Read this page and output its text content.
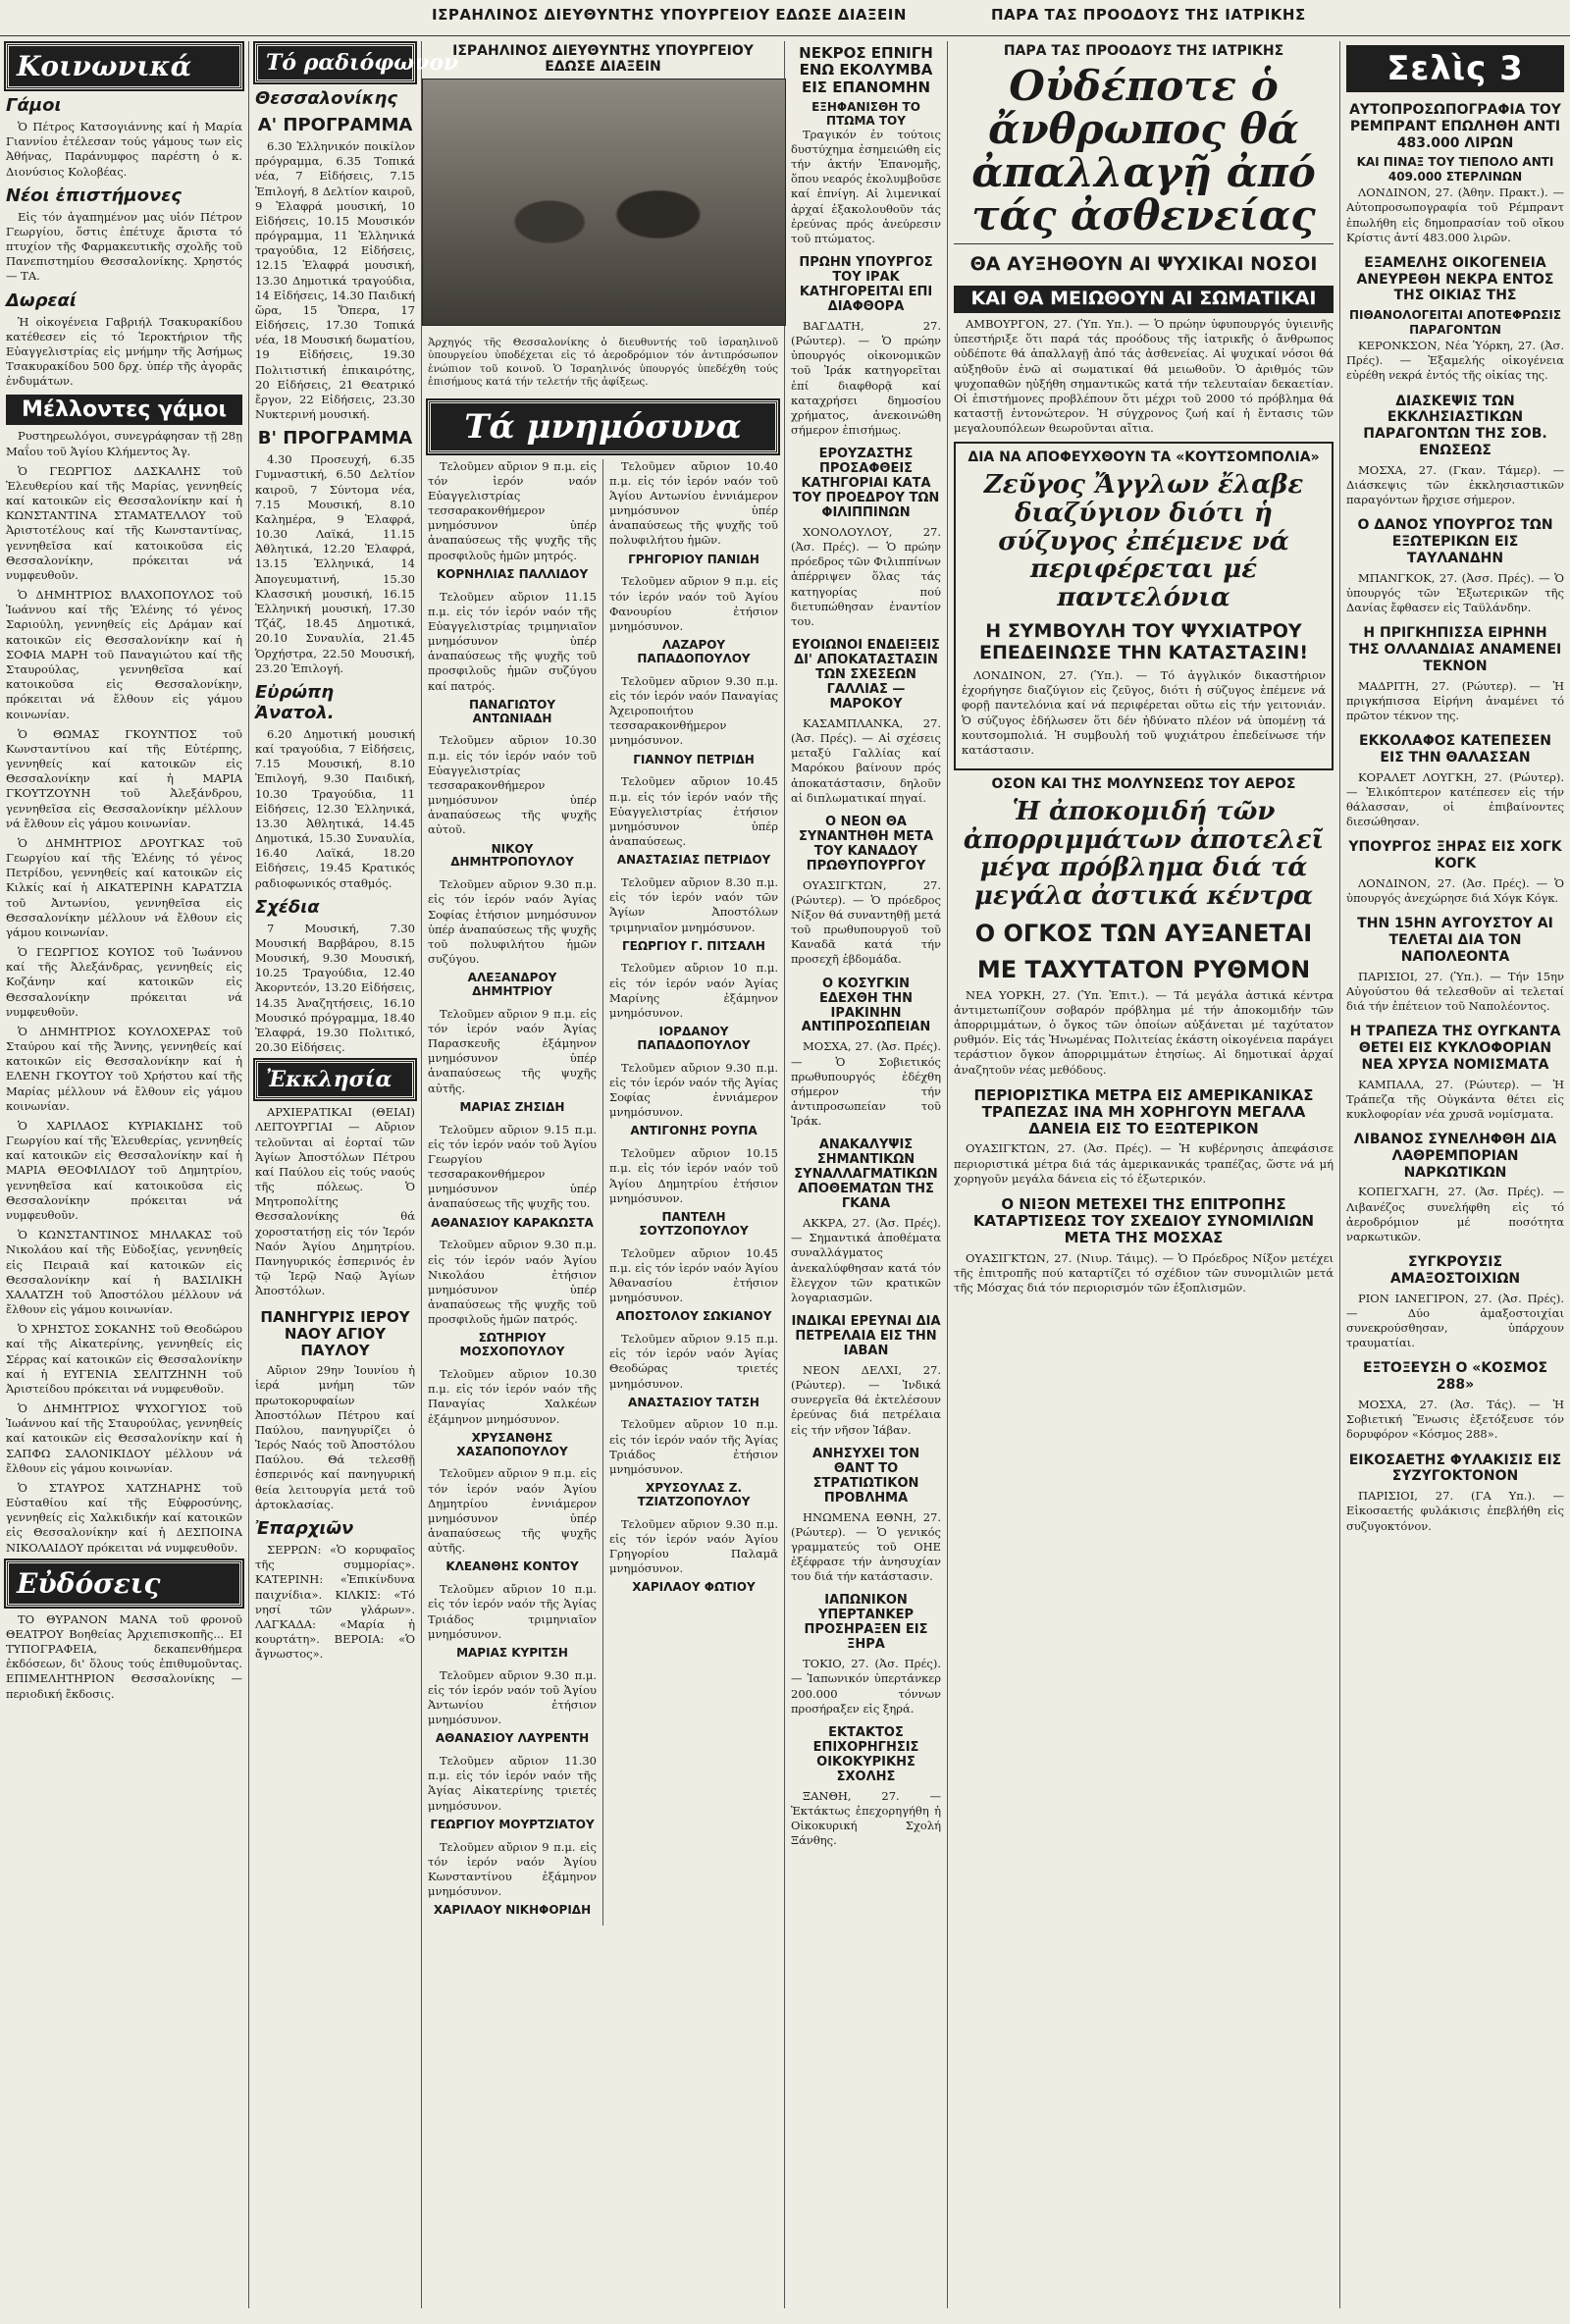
Κοινωνικά
Γάμοι

Ὁ Πέτρος Κατσογιάννης καί ἡ Μαρία Γιαννίου ἐτέλεσαν τούς γάμους των εἰς Ἀθήνας, Παράνυμφος παρέστη ὁ κ. Διονύσιος Κολοβέας.

Νέοι ἐπιστήμονες

Εἰς τόν ἀγαπημένον μας υἱόν Πέτρον Γεωργίου, ὅστις ἐπέτυχε ἄριστα τό πτυχίον τῆς Φαρμακευτικῆς σχολῆς τοῦ Πανεπιστημίου Θεσσαλονίκης. Χρηστός — ΤΑ.

Δωρεαί

Ἡ οἰκογένεια Γαβριήλ Τσακυρακίδου κατέθεσεν εἰς τό Ἱεροκτήριον τῆς Εὐαγγελιστρίας εἰς μνήμην τῆς Ἀσήμως Τσακυρακίδου 500 δρχ. ὑπέρ τῆς ἀγορᾶς ἐνδυμάτων.

Μέλλοντες γάμοι

Ρυστηρεωλόγοι, συνεγράφησαν τῇ 28ῃ Μαΐου τοῦ Ἁγίου Κλήμεντος Ἁγ.

Ὁ ΓΕΩΡΓΙΟΣ ΔΑΣΚΑΛΗΣ τοῦ Ἐλευθερίου καί τῆς Μαρίας, γεννηθείς καί κατοικῶν εἰς Θεσσαλονίκην καί ἡ ΚΩΝΣΤΑΝΤΙΝΑ ΣΤΑΜΑΤΕΛΛΟΥ τοῦ Ἀριστοτέλους καί τῆς Κωνσταντίνας, γεννηθεῖσα καί κατοικοῦσα εἰς Θεσσαλονίκην, πρόκειται νά νυμφευθοῦν.

Ὁ ΔΗΜΗΤΡΙΟΣ ΒΛΑΧΟΠΟΥΛΟΣ τοῦ Ἰωάννου καί τῆς Ἑλένης τό γένος Σαριούλη, γεννηθείς εἰς Δράμαν καί κατοικῶν εἰς Θεσσαλονίκην καί ἡ ΣΟΦΙΑ ΜΑΡΗ τοῦ Παναγιώτου καί τῆς Σταυρούλας, γεννηθεῖσα καί κατοικοῦσα εἰς Θεσσαλονίκην, πρόκειται νά ἔλθουν εἰς γάμου κοινωνίαν.

Ὁ ΘΩΜΑΣ ΓΚΟΥΝΤΙΟΣ τοῦ Κωνσταντίνου καί τῆς Εὐτέρπης, γεννηθείς καί κατοικῶν εἰς Θεσσαλονίκην καί ἡ ΜΑΡΙΑ ΓΚΟΥΤΖΟΥΝΗ τοῦ Ἀλεξάνδρου, γεννηθεῖσα εἰς Θεσσαλονίκην μέλλουν νά ἔλθουν εἰς γάμου κοινωνίαν.

Ὁ ΔΗΜΗΤΡΙΟΣ ΔΡΟΥΓΚΑΣ τοῦ Γεωργίου καί τῆς Ἐλένης τό γένος Πετρίδου, γεννηθείς καί κατοικῶν εἰς Κιλκίς καί ἡ ΑΙΚΑΤΕΡΙΝΗ ΚΑΡΑΤΖΙΑ τοῦ Ἀντωνίου, γεννηθεῖσα εἰς Θεσσαλονίκην μέλλουν νά ἔλθουν εἰς γάμου κοινωνίαν.

Ὁ ΓΕΩΡΓΙΟΣ ΚΟΥΙΟΣ τοῦ Ἰωάννου καί τῆς Ἀλεξάνδρας, γεννηθείς εἰς Κοζάνην καί κατοικῶν εἰς Θεσσαλονίκην πρόκειται νά νυμφευθοῦν.

Ὁ ΔΗΜΗΤΡΙΟΣ ΚΟΥΛΟΧΕΡΑΣ τοῦ Σταύρου καί τῆς Ἄννης, γεννηθείς καί κατοικῶν εἰς Θεσσαλονίκην καί ἡ ΕΛΕΝΗ ΓΚΟΥΤΟΥ τοῦ Χρήστου καί τῆς Μαρίας μέλλουν νά ἔλθουν εἰς γάμου κοινωνίαν.

Ὁ ΧΑΡΙΛΑΟΣ ΚΥΡΙΑΚΙΔΗΣ τοῦ Γεωργίου καί τῆς Ἐλευθερίας, γεννηθείς καί κατοικῶν εἰς Θεσσαλονίκην καί ἡ ΜΑΡΙΑ ΘΕΟΦΙΛΙΔΟΥ τοῦ Δημητρίου, γεννηθεῖσα καί κατοικοῦσα εἰς Θεσσαλονίκην πρόκειται νά νυμφευθοῦν.

Ὁ ΚΩΝΣΤΑΝΤΙΝΟΣ ΜΗΛΑΚΑΣ τοῦ Νικολάου καί τῆς Εὐδοξίας, γεννηθείς εἰς Πειραιᾶ καί κατοικῶν εἰς Θεσσαλονίκην καί ἡ ΒΑΣΙΛΙΚΗ ΧΑΛΑΤΖΗ τοῦ Ἀποστόλου μέλλουν νά ἔλθουν εἰς γάμου κοινωνίαν.

Ὁ ΧΡΗΣΤΟΣ ΣΟΚΑΝΗΣ τοῦ Θεοδώρου καί τῆς Αἰκατερίνης, γεννηθείς εἰς Σέρρας καί κατοικῶν εἰς Θεσσαλονίκην καί ἡ ΕΥΓΕΝΙΑ ΣΕΛΙΤΖΗΝΗ τοῦ Ἀριστείδου πρόκειται νά νυμφευθοῦν.

Ὁ ΔΗΜΗΤΡΙΟΣ ΨΥΧΟΓΥΙΟΣ τοῦ Ἰωάννου καί τῆς Σταυρούλας, γεννηθείς καί κατοικῶν εἰς Θεσσαλονίκην καί ἡ ΣΑΠΦΩ ΣΑΛΟΝΙΚΙΔΟΥ μέλλουν νά ἔλθουν εἰς γάμου κοινωνίαν.

Ὁ ΣΤΑΥΡΟΣ ΧΑΤΖΗΑΡΗΣ τοῦ Εὐσταθίου καί τῆς Εὐφροσύνης, γεννηθείς εἰς Χαλκιδικήν καί κατοικῶν εἰς Θεσσαλονίκην καί ἡ ΔΕΣΠΟΙΝΑ ΝΙΚΟΛΑΙΔΟΥ πρόκειται νά νυμφευθοῦν.

Εὐδόσεις

ΤΟ ΘΥΡΑΝΟΝ ΜΑΝΑ τοῦ φρονοῦ ΘΕΑΤΡΟΥ Βοηθείας Ἀρχιεπισκοπῆς... ΕΙ ΤΥΠΟΓΡΑΦΕΙΑ, δεκαπενθήμερα ἐκδόσεων, δι' ὅλους τούς ἐπιθυμοῦντας. ΕΠΙΜΕΛΗΤΗΡΙΟΝ Θεσσαλονίκης — περιοδική ἔκδοσις.

Τό ραδιόφωνον
Θεσσαλονίκης
Α' ΠΡΟΓΡΑΜΜΑ

6.30 Ἑλληνικόν ποικίλον πρόγραμμα, 6.35 Τοπικά νέα, 7 Εἰδήσεις, 7.15 Ἐπιλογή, 8 Δελτίον καιροῦ, 9 Ἐλαφρά μουσική, 10 Εἰδήσεις, 10.15 Μουσικόν πρόγραμμα, 11 Ἑλληνικά τραγούδια, 12 Εἰδήσεις, 12.15 Ἐλαφρά μουσική, 13.30 Δημοτικά τραγούδια, 14 Εἰδήσεις, 14.30 Παιδική ὥρα, 15 Ὅπερα, 17 Εἰδήσεις, 17.30 Τοπικά νέα, 18 Μουσική δωματίου, 19 Εἰδήσεις, 19.30 Πολιτιστική ἐπικαιρότης, 20 Εἰδήσεις, 21 Θεατρικό ἔργον, 22 Εἰδήσεις, 23.30 Νυκτερινή μουσική.

Β' ΠΡΟΓΡΑΜΜΑ

4.30 Προσευχή, 6.35 Γυμναστική, 6.50 Δελτίον καιροῦ, 7 Σύντομα νέα, 7.15 Μουσική, 8.10 Καλημέρα, 9 Ἐλαφρά, 10.30 Λαϊκά, 11.15 Ἀθλητικά, 12.20 Ἐλαφρά, 13.15 Ἑλληνικά, 14 Ἀπογευματινή, 15.30 Κλασσική μουσική, 16.15 Ἑλληνική μουσική, 17.30 Τζάζ, 18.45 Δημοτικά, 20.10 Συναυλία, 21.45 Ὁρχήστρα, 22.50 Μουσική, 23.20 Ἐπιλογή.

Εὐρώπη Ἀνατολ.

6.20 Δημοτική μουσική καί τραγούδια, 7 Εἰδήσεις, 7.15 Μουσική, 8.10 Ἐπιλογή, 9.30 Παιδική, 10.30 Τραγούδια, 11 Εἰδήσεις, 12.30 Ἑλληνικά, 13.30 Ἀθλητικά, 14.45 Δημοτικά, 15.30 Συναυλία, 16.40 Λαϊκά, 18.20 Εἰδήσεις, 19.45 Κρατικός ραδιοφωνικός σταθμός.

Σχέδια

7 Μουσική, 7.30 Μουσική Βαρβάρου, 8.15 Μουσική, 9.30 Μουσική, 10.25 Τραγούδια, 12.40 Ἀκορντεόν, 13.20 Εἰδήσεις, 14.35 Ἀναζητήσεις, 16.10 Μουσικό πρόγραμμα, 18.40 Ἐλαφρά, 19.30 Πολιτικό, 20.30 Εἰδήσεις.

Ἐκκλησία

ΑΡΧΙΕΡΑΤΙΚΑΙ (ΘΕΙΑΙ) ΛΕΙΤΟΥΡΓΙΑΙ — Αὔριον τελοῦνται αἱ ἑορταί τῶν Ἁγίων Ἀποστόλων Πέτρου καί Παύλου εἰς τούς ναούς τῆς πόλεως. Ὁ Μητροπολίτης Θεσσαλονίκης θά χοροστατήσῃ εἰς τόν Ἱερόν Ναόν Ἁγίου Δημητρίου. Πανηγυρικός ἑσπερινός ἐν τῷ Ἱερῷ Ναῷ Ἁγίων Ἀποστόλων.

ΠΑΝΗΓΥΡΙΣ ΙΕΡΟΥ ΝΑΟΥ ΑΓΙΟΥ ΠΑΥΛΟΥ

Αὔριον 29ην Ἰουνίου ἡ ἱερά μνήμη τῶν πρωτοκορυφαίων Ἀποστόλων Πέτρου καί Παύλου, πανηγυρίζει ὁ Ἱερός Ναός τοῦ Ἀποστόλου Παύλου. Θά τελεσθῇ ἑσπερινός καί πανηγυρική θεία λειτουργία μετά τοῦ ἀρτοκλασίας.

Ἐπαρχιῶν

ΣΕΡΡΩΝ: «Ὁ κορυφαῖος τῆς συμμορίας». ΚΑΤΕΡΙΝΗ: «Ἐπικίνδυνα παιχνίδια». ΚΙΛΚΙΣ: «Τό νησί τῶν γλάρων». ΛΑΓΚΑΔΑ: «Μαρία ἡ κουρτάτη». ΒΕΡΟΙΑ: «Ὁ ἄγνωστος».

ΙΣΡΑΗΛΙΝΟΣ ΔΙΕΥΘΥΝΤΗΣ ΥΠΟΥΡΓΕΙΟΥ ΕΔΩΣΕ ΔΙΑΞΕΙΝ

Ἀρχηγός τῆς Θεσσαλονίκης ὁ διευθυντής τοῦ ἰσραηλινοῦ ὑπουργείου ὑποδέχεται εἰς τό ἀεροδρόμιον τόν ἀντιπρόσωπον ἐνώπιον τοῦ κοινοῦ. Ὁ Ἰσραηλινός ὑπουργός ὑπεδέχθη τούς ἐπισήμους κατά τήν τελετήν τῆς ἀφίξεως.

Τά μνημόσυνα

Τελοῦμεν αὔριον 9 π.μ. εἰς τόν ἱερόν ναόν Εὐαγγελιστρίας τεσσαρακονθήμερον μνημόσυνον ὑπέρ ἀναπαύσεως τῆς ψυχῆς τῆς προσφιλοῦς ἡμῶν μητρός.

ΚΟΡΝΗΛΙΑΣ ΠΑΛΛΙΔΟΥ

Τελοῦμεν αὔριον 11.15 π.μ. εἰς τόν ἱερόν ναόν τῆς Εὐαγγελιστρίας τριμηνιαῖον μνημόσυνον ὑπέρ ἀναπαύσεως τῆς ψυχῆς τοῦ προσφιλοῦς ἡμῶν συζύγου καί πατρός.

ΠΑΝΑΓΙΩΤΟΥ ΑΝΤΩΝΙΑΔΗ

Τελοῦμεν αὔριον 10.30 π.μ. εἰς τόν ἱερόν ναόν τοῦ Εὐαγγελιστρίας τεσσαρακονθήμερον μνημόσυνον ὑπέρ ἀναπαύσεως τῆς ψυχῆς αὐτοῦ.

ΝΙΚΟΥ ΔΗΜΗΤΡΟΠΟΥΛΟΥ

Τελοῦμεν αὔριον 9.30 π.μ. εἰς τόν ἱερόν ναόν Ἁγίας Σοφίας ἐτήσιον μνημόσυνον ὑπέρ ἀναπαύσεως τῆς ψυχῆς τοῦ πολυφιλήτου ἡμῶν συζύγου.

ΑΛΕΞΑΝΔΡΟΥ ΔΗΜΗΤΡΙΟΥ

Τελοῦμεν αὔριον 9 π.μ. εἰς τόν ἱερόν ναόν Ἁγίας Παρασκευῆς ἐξάμηνον μνημόσυνον ὑπέρ ἀναπαύσεως τῆς ψυχῆς αὐτῆς.

ΜΑΡΙΑΣ ΖΗΣΙΔΗ

Τελοῦμεν αὔριον 9.15 π.μ. εἰς τόν ἱερόν ναόν τοῦ Ἁγίου Γεωργίου τεσσαρακονθήμερον μνημόσυνον ὑπέρ ἀναπαύσεως τῆς ψυχῆς του.

ΑΘΑΝΑΣΙΟΥ ΚΑΡΑΚΩΣΤΑ

Τελοῦμεν αὔριον 9.30 π.μ. εἰς τόν ἱερόν ναόν Ἁγίου Νικολάου ἐτήσιον μνημόσυνον ὑπέρ ἀναπαύσεως τῆς ψυχῆς τοῦ προσφιλοῦς ἡμῶν πατρός.

ΣΩΤΗΡΙΟΥ ΜΟΣΧΟΠΟΥΛΟΥ

Τελοῦμεν αὔριον 10.30 π.μ. εἰς τόν ἱερόν ναόν τῆς Παναγίας Χαλκέων ἐξάμηνον μνημόσυνον.

ΧΡΥΣΑΝΘΗΣ ΧΑΣΑΠΟΠΟΥΛΟΥ

Τελοῦμεν αὔριον 9 π.μ. εἰς τόν ἱερόν ναόν Ἁγίου Δημητρίου ἐννιάμερον μνημόσυνον ὑπέρ ἀναπαύσεως τῆς ψυχῆς αὐτῆς.

ΚΛΕΑΝΘΗΣ ΚΟΝΤΟΥ

Τελοῦμεν αὔριον 10 π.μ. εἰς τόν ἱερόν ναόν τῆς Ἁγίας Τριάδος τριμηνιαῖον μνημόσυνον.

ΜΑΡΙΑΣ ΚΥΡΙΤΣΗ

Τελοῦμεν αὔριον 9.30 π.μ. εἰς τόν ἱερόν ναόν τοῦ Ἁγίου Ἀντωνίου ἐτήσιον μνημόσυνον.

ΑΘΑΝΑΣΙΟΥ ΛΑΥΡΕΝΤΗ

Τελοῦμεν αὔριον 11.30 π.μ. εἰς τόν ἱερόν ναόν τῆς Ἁγίας Αἰκατερίνης τριετές μνημόσυνον.

ΓΕΩΡΓΙΟΥ ΜΟΥΡΤΖΙΑΤΟΥ

Τελοῦμεν αὔριον 9 π.μ. εἰς τόν ἱερόν ναόν Ἁγίου Κωνσταντίνου ἐξάμηνον μνημόσυνον.

ΧΑΡΙΛΑΟΥ ΝΙΚΗΦΟΡΙΔΗ

Τελοῦμεν αὔριον 10.40 π.μ. εἰς τόν ἱερόν ναόν τοῦ Ἁγίου Αντωνίου ἐννιάμερον μνημόσυνον ὑπέρ ἀναπαύσεως τῆς ψυχῆς τοῦ πολυφιλήτου ἡμῶν.

ΓΡΗΓΟΡΙΟΥ ΠΑΝΙΔΗ

Τελοῦμεν αὔριον 9 π.μ. εἰς τόν ἱερόν ναόν τοῦ Ἁγίου Φανουρίου ἐτήσιον μνημόσυνον.

ΛΑΖΑΡΟΥ ΠΑΠΑΔΟΠΟΥΛΟΥ

Τελοῦμεν αὔριον 9.30 π.μ. εἰς τόν ἱερόν ναόν Παναγίας Ἀχειροποιήτου τεσσαρακονθήμερον μνημόσυνον.

ΓΙΑΝΝΟΥ ΠΕΤΡΙΔΗ

Τελοῦμεν αὔριον 10.45 π.μ. εἰς τόν ἱερόν ναόν τῆς Εὐαγγελιστρίας ἐτήσιον μνημόσυνον ὑπέρ ἀναπαύσεως.

ΑΝΑΣΤΑΣΙΑΣ ΠΕΤΡΙΔΟΥ

Τελοῦμεν αὔριον 8.30 π.μ. εἰς τόν ἱερόν ναόν τῶν Ἁγίων Ἀποστόλων τριμηνιαῖον μνημόσυνον.

ΓΕΩΡΓΙΟΥ Γ. ΠΙΤΣΑΛΗ

Τελοῦμεν αὔριον 10 π.μ. εἰς τόν ἱερόν ναόν Ἁγίας Μαρίνης ἐξάμηνον μνημόσυνον.

ΙΟΡΔΑΝΟΥ ΠΑΠΑΔΟΠΟΥΛΟΥ

Τελοῦμεν αὔριον 9.30 π.μ. εἰς τόν ἱερόν ναόν τῆς Ἁγίας Σοφίας ἐννιάμερον μνημόσυνον.

ΑΝΤΙΓΟΝΗΣ ΡΟΥΠΑ

Τελοῦμεν αὔριον 10.15 π.μ. εἰς τόν ἱερόν ναόν τοῦ Ἁγίου Δημητρίου ἐτήσιον μνημόσυνον.

ΠΑΝΤΕΛΗ ΣΟΥΤΖΟΠΟΥΛΟΥ

Τελοῦμεν αὔριον 10.45 π.μ. εἰς τόν ἱερόν ναόν Ἁγίου Ἀθανασίου ἐτήσιον μνημόσυνον.

ΑΠΟΣΤΟΛΟΥ ΣΩΚΙΑΝΟΥ

Τελοῦμεν αὔριον 9.15 π.μ. εἰς τόν ἱερόν ναόν Ἁγίας Θεοδώρας τριετές μνημόσυνον.

ΑΝΑΣΤΑΣΙΟΥ ΤΑΤΣΗ

Τελοῦμεν αὔριον 10 π.μ. εἰς τόν ἱερόν ναόν τῆς Ἁγίας Τριάδος ἐτήσιον μνημόσυνον.

ΧΡΥΣΟΥΛΑΣ Ζ. ΤΖΙΑΤΖΟΠΟΥΛΟΥ

Τελοῦμεν αὔριον 9.30 π.μ. εἰς τόν ἱερόν ναόν Ἁγίου Γρηγορίου Παλαμᾶ μνημόσυνον.

ΧΑΡΙΛΑΟΥ ΦΩΤΙΟΥ
ΝΕΚΡΟΣ ΕΠΝΙΓΗ ΕΝΩ ΕΚΟΛΥΜΒΑ ΕΙΣ ΕΠΑΝΟΜΗΝ
ΕΞΗΦΑΝΙΣΘΗ ΤΟ ΠΤΩΜΑ ΤΟΥ

Τραγικόν ἐν τούτοις δυστύχημα ἐσημειώθη εἰς τήν ἀκτήν Ἐπανομῆς, ὅπου νεαρός ἐκολυμβοῦσε καί ἐπνίγη. Αἱ λιμενικαί ἀρχαί ἐξακολουθοῦν τάς ἐρεύνας πρός ἀνεύρεσιν τοῦ πτώματος.

ΠΡΩΗΝ ΥΠΟΥΡΓΟΣ ΤΟΥ ΙΡΑΚ ΚΑΤΗΓΟΡΕΙΤΑΙ ΕΠΙ ΔΙΑΦΘΟΡΑ

ΒΑΓΔΑΤΗ, 27. (Ρώυτερ). — Ὁ πρώην ὑπουργός οἰκονομικῶν τοῦ Ἰράκ κατηγορεῖται ἐπί διαφθορᾷ καί καταχρήσει δημοσίου χρήματος, ἀνεκοινώθη σήμερον ἐπισήμως.

ΕΡΟΥΖΑΣΤΗΣ ΠΡΟΣΑΦΘΕΙΣ ΚΑΤΗΓΟΡΙΑΙ ΚΑΤΑ ΤΟΥ ΠΡΟΕΔΡΟΥ ΤΩΝ ΦΙΛΙΠΠΙΝΩΝ

ΧΟΝΟΛΟΥΛΟΥ, 27. (Ἀσ. Πρές). — Ὁ πρώην πρόεδρος τῶν Φιλιππίνων ἀπέρριψεν ὅλας τάς κατηγορίας πού διετυπώθησαν ἐναντίον του.

ΕΥΟΙΩΝΟΙ ΕΝΔΕΙΞΕΙΣ ΔΙ' ΑΠΟΚΑΤΑΣΤΑΣΙΝ ΤΩΝ ΣΧΕΣΕΩΝ ΓΑΛΛΙΑΣ — ΜΑΡΟΚΟΥ

ΚΑΣΑΜΠΛΑΝΚΑ, 27. (Ἀσ. Πρές). — Αἱ σχέσεις μεταξύ Γαλλίας καί Μαρόκου βαίνουν πρός ἀποκατάστασιν, δηλοῦν αἱ διπλωματικαί πηγαί.

Ο ΝΕΟΝ ΘΑ ΣΥΝΑΝΤΗΘΗ ΜΕΤΑ ΤΟΥ ΚΑΝΑΔΟΥ ΠΡΩΘΥΠΟΥΡΓΟΥ

ΟΥΑΣΙΓΚΤΩΝ, 27. (Ρώυτερ). — Ὁ πρόεδρος Νίξον θά συναντηθῇ μετά τοῦ πρωθυπουργοῦ τοῦ Καναδᾶ κατά τήν προσεχῆ ἑβδομάδα.

Ο ΚΟΣΥΓΚΙΝ ΕΔΕΧΘΗ ΤΗΝ ΙΡΑΚΙΝΗΝ ΑΝΤΙΠΡΟΣΩΠΕΙΑΝ

ΜΟΣΧΑ, 27. (Ἀσ. Πρές). — Ὁ Σοβιετικός πρωθυπουργός ἐδέχθη σήμερον τήν ἀντιπροσωπείαν τοῦ Ἰράκ.

ΑΝΑΚΑΛΥΨΙΣ ΣΗΜΑΝΤΙΚΩΝ ΣΥΝΑΛΛΑΓΜΑΤΙΚΩΝ ΑΠΟΘΕΜΑΤΩΝ ΤΗΣ ΓΚΑΝΑ

ΑΚΚΡΑ, 27. (Ἀσ. Πρές). — Σημαντικά ἀποθέματα συναλλάγματος ἀνεκαλύφθησαν κατά τόν ἔλεγχον τῶν κρατικῶν λογαριασμῶν.

ΙΝΔΙΚΑΙ ΕΡΕΥΝΑΙ ΔΙΑ ΠΕΤΡΕΛΑΙΑ ΕΙΣ ΤΗΝ ΙΑΒΑΝ

ΝΕΟΝ ΔΕΛΧΙ, 27. (Ρώυτερ). — Ἰνδικά συνεργεῖα θά ἐκτελέσουν ἐρεύνας διά πετρέλαια εἰς τήν νῆσον Ἰάβαν.

ΑΝΗΣΥΧΕΙ ΤΟΝ ΘΑΝΤ ΤΟ ΣΤΡΑΤΙΩΤΙΚΟΝ ΠΡΟΒΛΗΜΑ

ΗΝΩΜΕΝΑ ΕΘΝΗ, 27. (Ρώυτερ). — Ὁ γενικός γραμματεύς τοῦ ΟΗΕ ἐξέφρασε τήν ἀνησυχίαν του διά τήν κατάστασιν.

ΙΑΠΩΝΙΚΟΝ ΥΠΕΡΤΑΝΚΕΡ ΠΡΟΣΗΡΑΞΕΝ ΕΙΣ ΞΗΡΑ

ΤΟΚΙΟ, 27. (Ἀσ. Πρές). — Ἰαπωνικόν ὑπερτάνκερ 200.000 τόννων προσήραξεν εἰς ξηρά.

ΕΚΤΑΚΤΟΣ ΕΠΙΧΟΡΗΓΗΣΙΣ ΟΙΚΟΚΥΡΙΚΗΣ ΣΧΟΛΗΣ

ΞΑΝΘΗ, 27. — Ἐκτάκτως ἐπεχορηγήθη ἡ Οἰκοκυρική Σχολή Ξάνθης.

ΠΑΡΑ ΤΑΣ ΠΡΟΟΔΟΥΣ ΤΗΣ ΙΑΤΡΙΚΗΣ
Οὐδέποτε ὁ ἄνθρωπος θά ἀπαλλαγῇ ἀπό τάς ἀσθενείας
ΘΑ ΑΥΞΗΘΟΥΝ ΑΙ ΨΥΧΙΚΑΙ ΝΟΣΟΙ
ΚΑΙ ΘΑ ΜΕΙΩΘΟΥΝ ΑΙ ΣΩΜΑΤΙΚΑΙ

ΑΜΒΟΥΡΓΟΝ, 27. (Ὑπ. Υπ.). — Ὁ πρώην ὑφυπουργός ὑγιεινῆς ὑπεστήριξε ὅτι παρά τάς προόδους τῆς ἰατρικῆς ὁ ἄνθρωπος οὐδέποτε θά ἀπαλλαγῇ ἀπό τάς ἀσθενείας. Αἱ ψυχικαί νόσοι θά αὐξηθοῦν ἐνῶ αἱ σωματικαί θά μειωθοῦν. Ὁ ἀριθμός τῶν ψυχοπαθῶν ηὐξήθη σημαντικῶς κατά τήν τελευταίαν δεκαετίαν. Οἱ ἐπιστήμονες προβλέπουν ὅτι μέχρι τοῦ 2000 τό πρόβλημα θά καταστῇ ἐντονώτερον. Ἡ σύγχρονος ζωή καί ἡ ἔντασις τῶν μεγαλουπόλεων θεωροῦνται αἴτια.

ΔΙΑ ΝΑ ΑΠΟΦΕΥΧΘΟΥΝ ΤΑ «ΚΟΥΤΣΟΜΠΟΛΙΑ»
Ζεῦγος Ἄγγλων ἔλαβε διαζύγιον διότι ἡ σύζυγος ἐπέμενε νά περιφέρεται μέ παντελόνια
Η ΣΥΜΒΟΥΛΗ ΤΟΥ ΨΥΧΙΑΤΡΟΥ ΕΠΕΔΕΙΝΩΣΕ ΤΗΝ ΚΑΤΑΣΤΑΣΙΝ!

ΛΟΝΔΙΝΟΝ, 27. (Ὑπ.). — Τό ἀγγλικόν δικαστήριον ἐχορήγησε διαζύγιον εἰς ζεῦγος, διότι ἡ σύζυγος ἐπέμενε νά φορῇ παντελόνια καί νά περιφέρεται οὕτω εἰς τήν γειτονιάν. Ὁ σύζυγος ἐδήλωσεν ὅτι δέν ἠδύνατο πλέον νά ὑπομένῃ τά κουτσομπολιά. Ἡ συμβουλή τοῦ ψυχιάτρου ἐπεδείνωσε τήν κατάστασιν.

ΟΣΟΝ ΚΑΙ ΤΗΣ ΜΟΛΥΝΣΕΩΣ ΤΟΥ ΑΕΡΟΣ
Ἡ ἀποκομιδή τῶν ἀπορριμμάτων ἀποτελεῖ μέγα πρόβλημα διά τά μεγάλα ἀστικά κέντρα
Ο ΟΓΚΟΣ ΤΩΝ ΑΥΞΑΝΕΤΑΙ
ΜΕ ΤΑΧΥΤΑΤΟΝ ΡΥΘΜΟΝ

ΝΕΑ ΥΟΡΚΗ, 27. (Ὑπ. Ἐπιτ.). — Τά μεγάλα ἀστικά κέντρα ἀντιμετωπίζουν σοβαρόν πρόβλημα μέ τήν ἀποκομιδήν τῶν ἀπορριμμάτων, ὁ ὄγκος τῶν ὁποίων αὐξάνεται μέ ταχύτατον ρυθμόν. Εἰς τάς Ἡνωμένας Πολιτείας ἑκάστη οἰκογένεια παράγει τεράστιον ὄγκον ἀπορριμμάτων ἐτησίως. Αἱ δημοτικαί ἀρχαί ἀναζητοῦν νέας μεθόδους.

ΠΕΡΙΟΡΙΣΤΙΚΑ ΜΕΤΡΑ ΕΙΣ ΑΜΕΡΙΚΑΝΙΚΑΣ ΤΡΑΠΕΖΑΣ ΙΝΑ ΜΗ ΧΟΡΗΓΟΥΝ ΜΕΓΑΛΑ ΔΑΝΕΙΑ ΕΙΣ ΤΟ ΕΞΩΤΕΡΙΚΟΝ

ΟΥΑΣΙΓΚΤΩΝ, 27. (Ἀσ. Πρές). — Ἡ κυβέρνησις ἀπεφάσισε περιοριστικά μέτρα διά τάς ἀμερικανικάς τραπέζας, ὥστε νά μή χορηγοῦν μεγάλα δάνεια εἰς τό ἐξωτερικόν.

Ο ΝΙΞΟΝ ΜΕΤΕΧΕΙ ΤΗΣ ΕΠΙΤΡΟΠΗΣ ΚΑΤΑΡΤΙΣΕΩΣ ΤΟΥ ΣΧΕΔΙΟΥ ΣΥΝΟΜΙΛΙΩΝ ΜΕΤΑ ΤΗΣ ΜΟΣΧΑΣ

ΟΥΑΣΙΓΚΤΩΝ, 27. (Νιυρ. Τάιμς). — Ὁ Πρόεδρος Νίξον μετέχει τῆς ἐπιτροπῆς πού καταρτίζει τό σχέδιον τῶν συνομιλιῶν μετά τῆς Μόσχας διά τόν περιορισμόν τῶν ἐξοπλισμῶν.

Σελὶς 3
ΑΥΤΟΠΡΟΣΩΠΟΓΡΑΦΙΑ ΤΟΥ ΡΕΜΠΡΑΝΤ ΕΠΩΛΗΘΗ ΑΝΤΙ 483.000 ΛΙΡΩΝ
ΚΑΙ ΠΙΝΑΞ ΤΟΥ ΤΙΕΠΟΛΟ ΑΝΤΙ 409.000 ΣΤΕΡΛΙΝΩΝ

ΛΟΝΔΙΝΟΝ, 27. (Ἀθην. Πρακτ.). — Αὐτοπροσωπογραφία τοῦ Ρέμπραντ ἐπωλήθη εἰς δημοπρασίαν τοῦ οἴκου Κρίστις ἀντί 483.000 λιρῶν.

ΕΞΑΜΕΛΗΣ ΟΙΚΟΓΕΝΕΙΑ ΑΝΕΥΡΕΘΗ ΝΕΚΡΑ ΕΝΤΟΣ ΤΗΣ ΟΙΚΙΑΣ ΤΗΣ
ΠΙΘΑΝΟΛΟΓΕΙΤΑΙ ΑΠΟΤΕΦΡΩΣΙΣ ΠΑΡΑΓΟΝΤΩΝ

ΚΕΡΟΝΚΣΟΝ, Νέα Ὑόρκη, 27. (Ἀσ. Πρές). — Ἑξαμελής οἰκογένεια εὑρέθη νεκρά ἐντός τῆς οἰκίας της.

ΔΙΑΣΚΕΨΙΣ ΤΩΝ ΕΚΚΛΗΣΙΑΣΤΙΚΩΝ ΠΑΡΑΓΟΝΤΩΝ ΤΗΣ ΣΟΒ. ΕΝΩΣΕΩΣ

ΜΟΣΧΑ, 27. (Γκαν. Τάμερ). — Διάσκεψις τῶν ἐκκλησιαστικῶν παραγόντων ἤρχισε σήμερον.

Ο ΔΑΝΟΣ ΥΠΟΥΡΓΟΣ ΤΩΝ ΕΞΩΤΕΡΙΚΩΝ ΕΙΣ ΤΑΥΛΑΝΔΗΝ

ΜΠΑΝΓΚΟΚ, 27. (Ἀσσ. Πρές). — Ὁ ὑπουργός τῶν Ἐξωτερικῶν τῆς Δανίας ἔφθασεν εἰς Ταϋλάνδην.

Η ΠΡΙΓΚΗΠΙΣΣΑ ΕΙΡΗΝΗ ΤΗΣ ΟΛΛΑΝΔΙΑΣ ΑΝΑΜΕΝΕΙ ΤΕΚΝΟΝ

ΜΑΔΡΙΤΗ, 27. (Ρώυτερ). — Ἡ πριγκήπισσα Εἰρήνη ἀναμένει τό πρῶτον τέκνον της.

ΕΚΚΟΛΑΦΟΣ ΚΑΤΕΠΕΣΕΝ ΕΙΣ ΤΗΝ ΘΑΛΑΣΣΑΝ

ΚΟΡΑΛΕΤ ΛΟΥΓΚΗ, 27. (Ρώυτερ). — Ἐλικόπτερον κατέπεσεν εἰς τήν θάλασσαν, οἱ ἐπιβαίνοντες διεσώθησαν.

ΥΠΟΥΡΓΟΣ ΞΗΡΑΣ ΕΙΣ ΧΟΓΚ ΚΟΓΚ

ΛΟΝΔΙΝΟΝ, 27. (Ἀσ. Πρές). — Ὁ ὑπουργός ἀνεχώρησε διά Χόγκ Κόγκ.

ΤΗΝ 15ΗΝ ΑΥΓΟΥΣΤΟΥ ΑΙ ΤΕΛΕΤΑΙ ΔΙΑ ΤΟΝ ΝΑΠΟΛΕΟΝΤΑ

ΠΑΡΙΣΙΟΙ, 27. (Ὑπ.). — Τήν 15ην Αὐγούστου θά τελεσθοῦν αἱ τελεταί διά τήν ἐπέτειον τοῦ Ναπολέοντος.

Η ΤΡΑΠΕΖΑ ΤΗΣ ΟΥΓΚΑΝΤΑ ΘΕΤΕΙ ΕΙΣ ΚΥΚΛΟΦΟΡΙΑΝ ΝΕΑ ΧΡΥΣΑ ΝΟΜΙΣΜΑΤΑ

ΚΑΜΠΑΛΑ, 27. (Ρώυτερ). — Ἡ Τράπεζα τῆς Οὐγκάντα θέτει εἰς κυκλοφορίαν νέα χρυσᾶ νομίσματα.

ΛΙΒΑΝΟΣ ΣΥΝΕΛΗΦΘΗ ΔΙΑ ΛΑΘΡΕΜΠΟΡΙΑΝ ΝΑΡΚΩΤΙΚΩΝ

ΚΟΠΕΓΧΑΓΗ, 27. (Ἀσ. Πρές). — Λιβανέζος συνελήφθη εἰς τό ἀεροδρόμιον μέ ποσότητα ναρκωτικῶν.

ΣΥΓΚΡΟΥΣΙΣ ΑΜΑΞΟΣΤΟΙΧΙΩΝ

ΡΙΟΝ ΙΑΝΕΓΙΡΟΝ, 27. (Ἀσ. Πρές). — Δύο ἀμαξοστοιχίαι συνεκρούσθησαν, ὑπάρχουν τραυματίαι.

ΕΞΤΟΞΕΥΣΗ Ο «ΚΟΣΜΟΣ 288»

ΜΟΣΧΑ, 27. (Ἀσ. Τάς). — Ἡ Σοβιετική Ἕνωσις ἐξετόξευσε τόν δορυφόρον «Κόσμος 288».

ΕΙΚΟΣΑΕΤΗΣ ΦΥΛΑΚΙΣΙΣ ΕΙΣ ΣΥΖΥΓΟΚΤΟΝΟΝ

ΠΑΡΙΣΙΟΙ, 27. (ΓΑ Υπ.). — Εἰκοσαετής φυλάκισις ἐπεβλήθη εἰς συζυγοκτόνον.

ΙΣΡΑΗΛΙΝΟΣ ΔΙΕΥΘΥΝΤΗΣ ΥΠΟΥΡΓΕΙΟΥ ΕΔΩΣΕ ΔΙΑΞΕΙΝ	ΠΑΡΑ ΤΑΣ ΠΡΟΟΔΟΥΣ ΤΗΣ ΙΑΤΡΙΚΗΣ
